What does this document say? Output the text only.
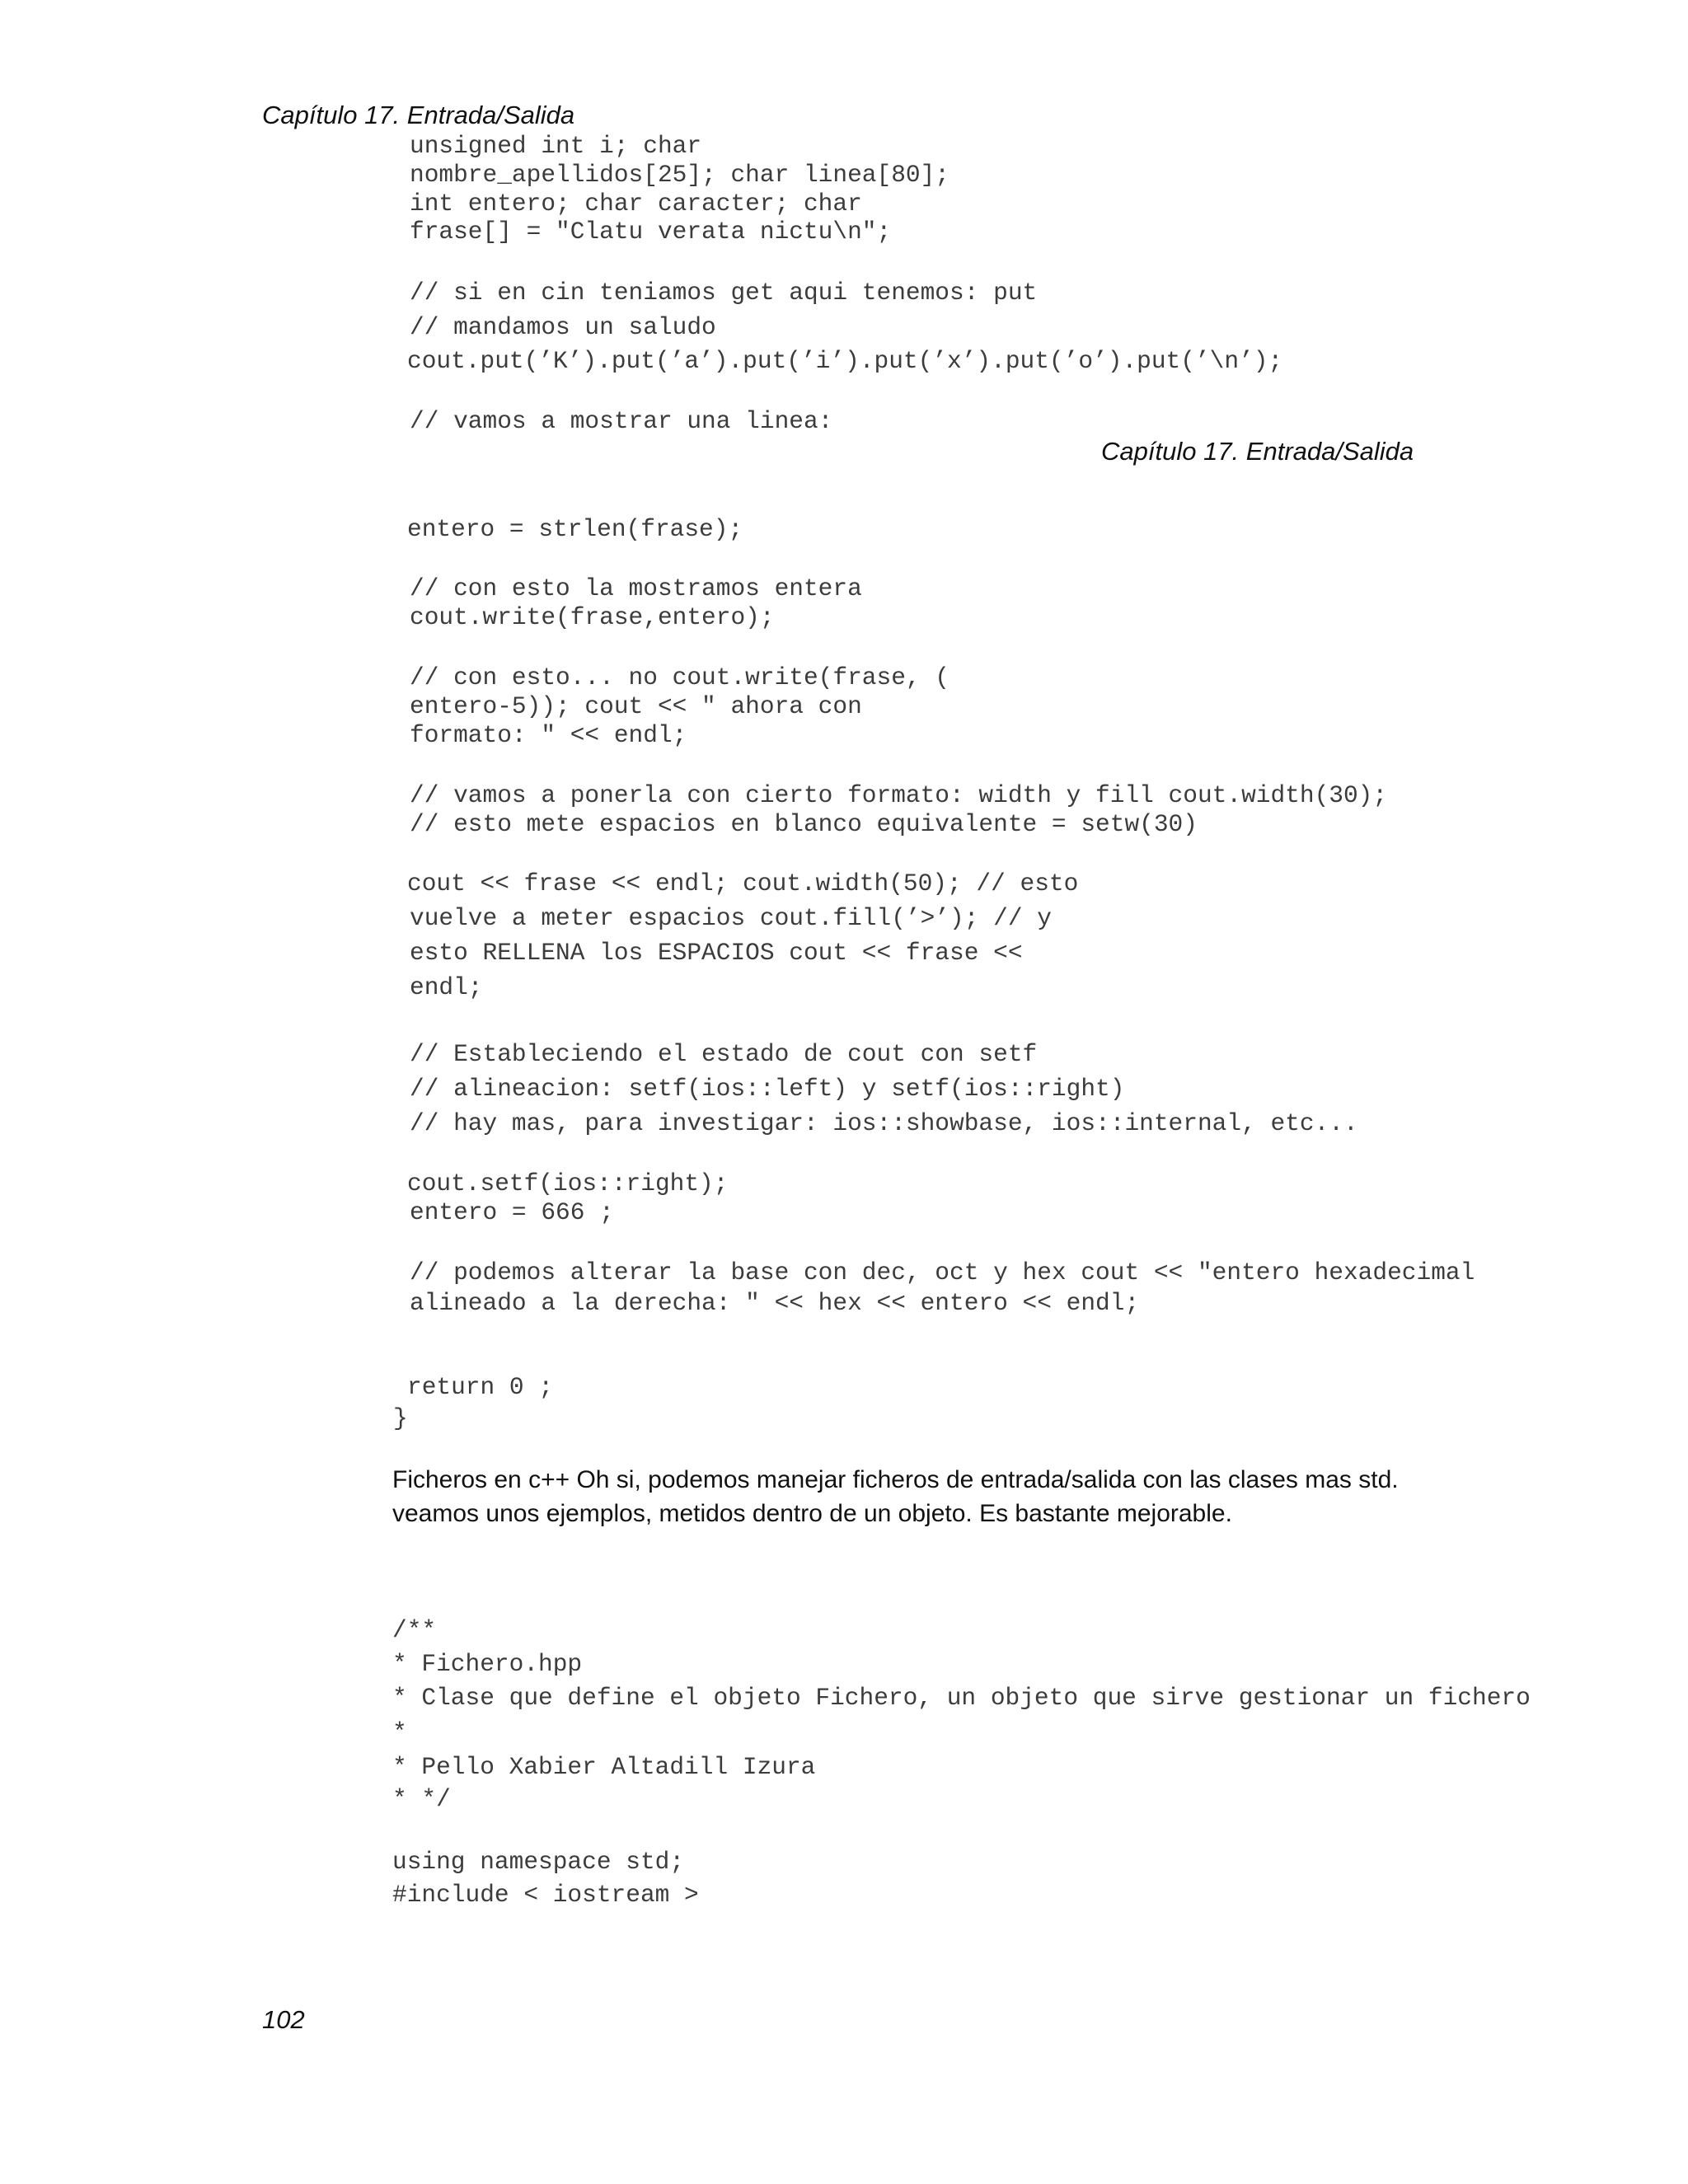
Capítulo 17. Entrada/Salida

unsigned int i; char

nombre_apellidos[25]; char linea[80];

int entero; char caracter; char

frase[] = "Clatu verata nictu\n";

// si en cin teniamos get aqui tenemos: put

// mandamos un saludo

cout.put(’K’).put(’a’).put(’i’).put(’x’).put(’o’).put(’\n’);

// vamos a mostrar una linea:

Capítulo 17. Entrada/Salida

entero = strlen(frase);

// con esto la mostramos entera

cout.write(frase,entero);

// con esto... no cout.write(frase, (

entero-5)); cout << " ahora con

formato: " << endl;

// vamos a ponerla con cierto formato: width y fill cout.width(30);

// esto mete espacios en blanco equivalente = setw(30)

cout << frase << endl; cout.width(50); // esto

vuelve a meter espacios cout.fill(’>’); // y

esto RELLENA los ESPACIOS cout << frase <<

endl;

// Estableciendo el estado de cout con setf

// alineacion: setf(ios::left) y setf(ios::right)

// hay mas, para investigar: ios::showbase, ios::internal, etc...

cout.setf(ios::right);

entero = 666 ;

// podemos alterar la base con dec, oct y hex cout << "entero hexadecimal

alineado a la derecha: " << hex << entero << endl;

return 0 ;

}

Ficheros en c++ Oh si, podemos manejar ficheros de entrada/salida con las clases mas std.

veamos unos ejemplos, metidos dentro de un objeto. Es bastante mejorable.

/**

* Fichero.hpp

* Clase que define el objeto Fichero, un objeto que sirve gestionar un fichero

*

* Pello Xabier Altadill Izura

* */

using namespace std;

#include < iostream >

102
